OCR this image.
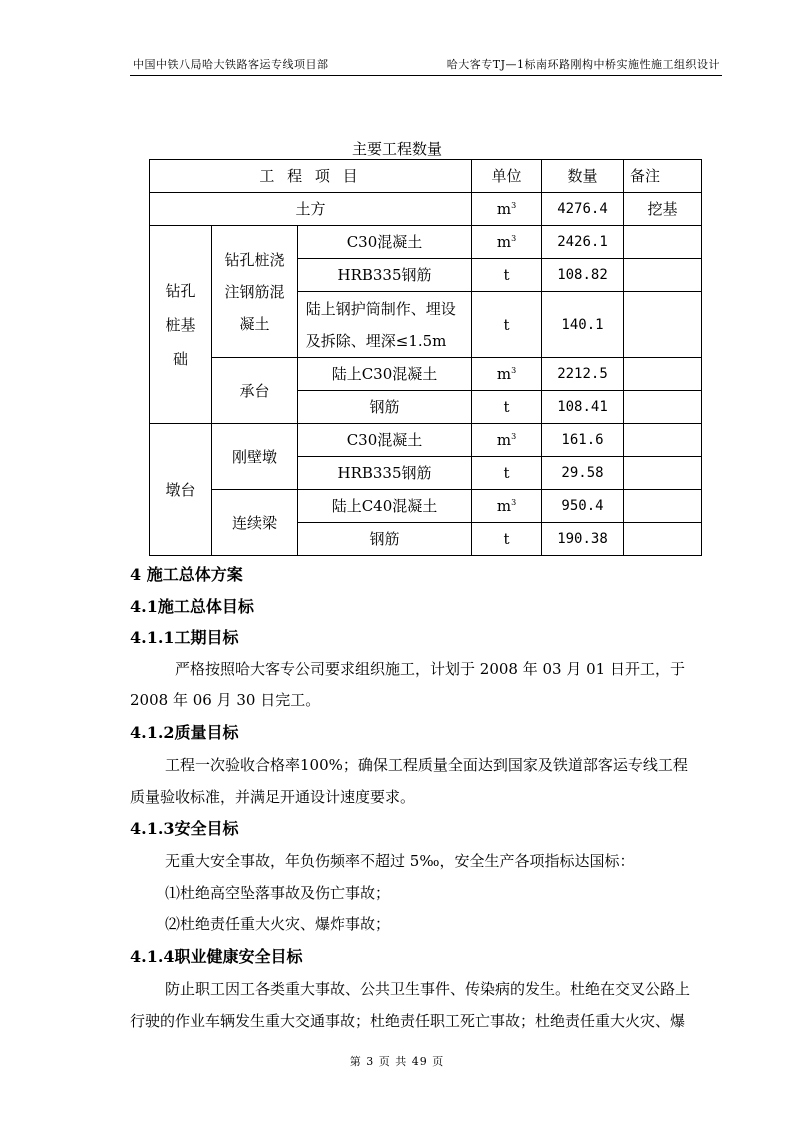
中国中铁八局哈大铁路客运专线项目部	哈大客专TJ—1标南环路刚构中桥实施性施工组织设计
主要工程数量
工 程 项 目			单位	数量	备注
土方			$m^3$	4276.4	挖基

钻孔桩基础	钻孔桩浇注钢筋混凝土	C30混凝土	$m^3$	2426.1	
		HRB335钢筋	t	108.82	

		陆上钢护筒制作、埋设及拆除、埋深≤1.5m	t	140.1	
	承台	陆上C30混凝土	$m^3$	2212.5	
		钢筋	t	108.41	
墩台	刚壁墩	C30混凝土	$m^3$	161.6	
		HRB335钢筋	t	29.58	
	连续梁	陆上C40混凝土	$m^3$	950.4	
		钢筋	t	190.38	
4 施工总体方案
4.1施工总体目标
4.1.1工期目标
严格按照哈大客专公司要求组织施工，计划于 2008 年 03 月 01 日开工，于
2008 年 06 月 30 日完工。
4.1.2质量目标
工程一次验收合格率100%；确保工程质量全面达到国家及铁道部客运专线工程
质量验收标准，并满足开通设计速度要求。
4.1.3安全目标
无重大安全事故，年负伤频率不超过 5‰，安全生产各项指标达国标：
⑴杜绝高空坠落事故及伤亡事故；
⑵杜绝责任重大火灾、爆炸事故；
4.1.4职业健康安全目标
防止职工因工各类重大事故、公共卫生事件、传染病的发生。杜绝在交叉公路上
行驶的作业车辆发生重大交通事故；杜绝责任职工死亡事故；杜绝责任重大火灾、爆
第 3 页 共 49 页
